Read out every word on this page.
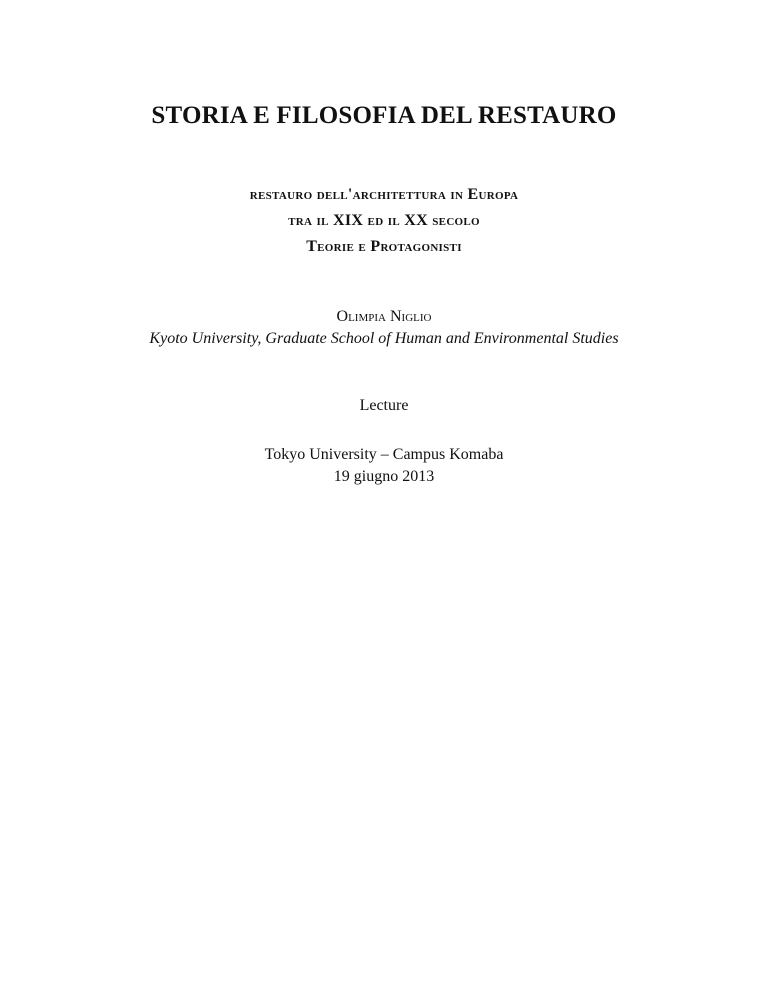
STORIA E FILOSOFIA DEL RESTAURO
restauro dell'architettura in Europa
tra il XIX ed il XX secolo
Teorie e Protagonisti
Olimpia Niglio
Kyoto University, Graduate School of Human and Environmental Studies
Lecture
Tokyo University – Campus Komaba
19 giugno 2013
